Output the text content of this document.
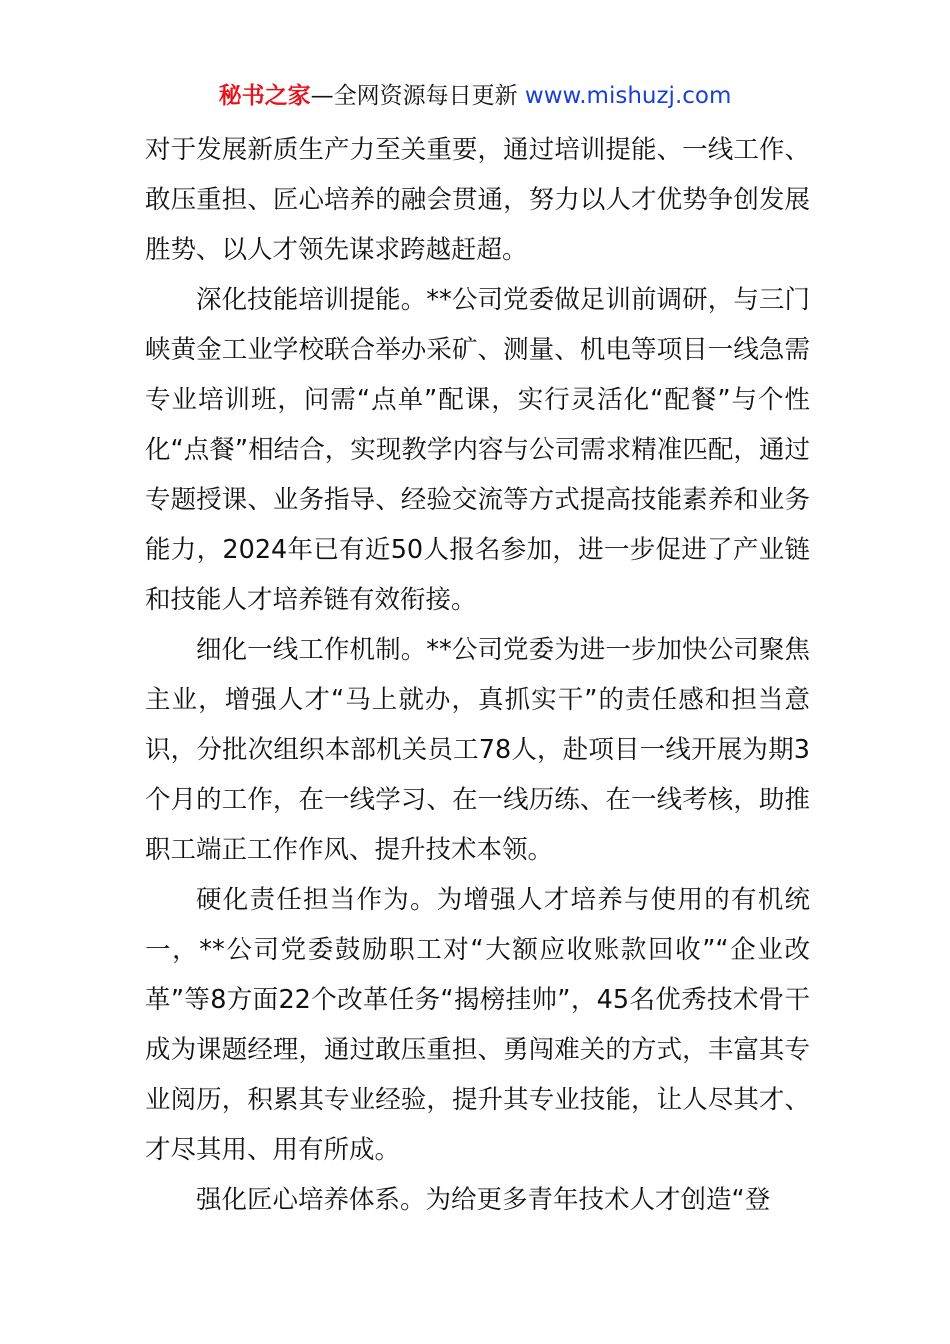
秘书之家—全网资源每日更新 www.mishuzj.com

对于发展新质生产力至关重要，通过培训提能、一线工作、敢压重担、匠心培养的融会贯通，努力以人才优势争创发展胜势、以人才领先谋求跨越赶超。

深化技能培训提能。**公司党委做足训前调研，与三门峡黄金工业学校联合举办采矿、测量、机电等项目一线急需专业培训班，问需“点单”配课，实行灵活化“配餐”与个性化“点餐”相结合，实现教学内容与公司需求精准匹配，通过专题授课、业务指导、经验交流等方式提高技能素养和业务能力，2024年已有近50人报名参加，进一步促进了产业链和技能人才培养链有效衔接。

细化一线工作机制。**公司党委为进一步加快公司聚焦主业，增强人才“马上就办，真抓实干”的责任感和担当意识，分批次组织本部机关员工78人，赴项目一线开展为期3个月的工作，在一线学习、在一线历练、在一线考核，助推职工端正工作作风、提升技术本领。

硬化责任担当作为。为增强人才培养与使用的有机统一，**公司党委鼓励职工对“大额应收账款回收”“企业改革”等8方面22个改革任务“揭榜挂帅”，45名优秀技术骨干成为课题经理，通过敢压重担、勇闯难关的方式，丰富其专业阅历，积累其专业经验，提升其专业技能，让人尽其才、才尽其用、用有所成。

强化匠心培养体系。为给更多青年技术人才创造“登
